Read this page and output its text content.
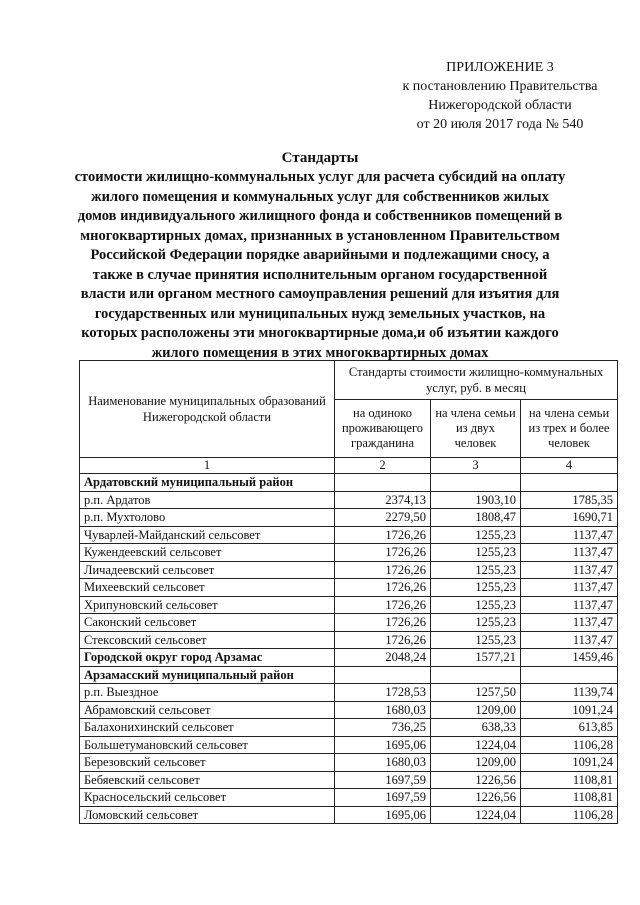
ПРИЛОЖЕНИЕ 3
к постановлению Правительства
Нижегородской области
от 20 июля 2017 года № 540
Стандарты
стоимости жилищно-коммунальных услуг для расчета субсидий на оплату жилого помещения и коммунальных услуг для собственников жилых домов индивидуального жилищного фонда и собственников помещений в многоквартирных домах, признанных в установленном Правительством Российской Федерации порядке аварийными и подлежащими сносу, а также в случае принятия исполнительным органом государственной власти или органом местного самоуправления решений для изъятия для государственных или муниципальных нужд земельных участков, на которых расположены эти многоквартирные дома,и об изъятии каждого жилого помещения в этих многоквартирных домах
Наименование муниципальных образований Нижегородской области	Стандарты стоимости жилищно-коммунальных услуг, руб. в месяц		
	на одиноко проживающего гражданина	на члена семьи из двух человек	на члена семьи из трех и более человек
1	2	3	4
Ардатовский муниципальный район			
р.п. Ардатов	2374,13	1903,10	1785,35
р.п. Мухтолово	2279,50	1808,47	1690,71
Чуварлей-Майданский сельсовет	1726,26	1255,23	1137,47
Кужендеевский сельсовет	1726,26	1255,23	1137,47
Личадеевский сельсовет	1726,26	1255,23	1137,47
Михеевский сельсовет	1726,26	1255,23	1137,47
Хрипуновский сельсовет	1726,26	1255,23	1137,47
Саконский сельсовет	1726,26	1255,23	1137,47
Стексовский сельсовет	1726,26	1255,23	1137,47
Городской округ город Арзамас	2048,24	1577,21	1459,46
Арзамасский муниципальный район			
р.п. Выездное	1728,53	1257,50	1139,74
Абрамовский сельсовет	1680,03	1209,00	1091,24
Балахонихинский сельсовет	736,25	638,33	613,85
Большетумановский сельсовет	1695,06	1224,04	1106,28
Березовский сельсовет	1680,03	1209,00	1091,24
Бебяевский сельсовет	1697,59	1226,56	1108,81
Красносельский сельсовет	1697,59	1226,56	1108,81
Ломовский сельсовет	1695,06	1224,04	1106,28
